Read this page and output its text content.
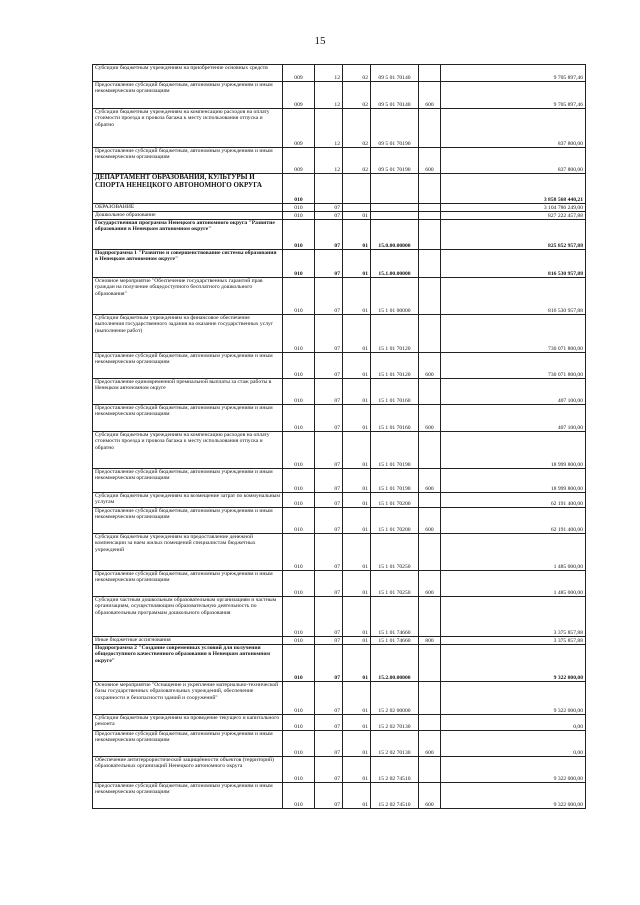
15
Субсидии бюджетным учреждениям на приобретение основных средств	009	12	02	09 5 01 70140		9 705 897,46
Предоставление субсидий бюджетным, автономным учреждениям и иным некоммерческим организациям	009	12	02	09 5 01 70140	600	9 705 897,46
Субсидии бюджетным учреждениям на компенсацию расходов на оплату стоимости проезда и провоза багажа к месту использования отпуска и обратно	009	12	02	09 5 01 70190		837 800,00
Предоставление субсидий бюджетным, автономным учреждениям и иным некоммерческим организациям	009	12	02	09 5 01 70190	600	837 800,00
ДЕПАРТАМЕНТ ОБРАЗОВАНИЯ, КУЛЬТУРЫ И СПОРТА НЕНЕЦКОГО АВТОНОМНОГО ОКРУГА	010					3 858 568 440,21
ОБРАЗОВАНИЕ	010	07				3 104 786 249,00
Дошкольное образование	010	07	01			827 222 457,88
Государственная программа Ненецкого автономного округа "Развитие образования в Ненецком автономном округе"	010	07	01	15.0.00.00000		825 852 957,88
Подпрограмма 1 "Развитие и совершенствование системы образования в Ненецком автономном округе"	010	07	01	15.1.00.00000		816 530 957,88
Основное мероприятие "Обеспечение государственных гарантий прав граждан на получение общедоступного бесплатного дошкольного образования"	010	07	01	15 1 01 00000		816 530 957,88
Субсидии бюджетным учреждениям на финансовое обеспечение выполнения государственного задания на оказание государственных услуг (выполнение работ)	010	07	01	15 1 01 70120		730 071 800,00
Предоставление субсидий бюджетным, автономным учреждениям и иным некоммерческим организациям	010	07	01	15 1 01 70120	600	730 071 800,00
Предоставление единовременной премиальной выплаты за стаж работы в Ненецком автономном округе	010	07	01	15 1 01 70160		407 100,00
Предоставление субсидий бюджетным, автономным учреждениям и иным некоммерческим организациям	010	07	01	15 1 01 70160	600	407 100,00
Субсидии бюджетным учреждениям на компенсацию расходов на оплату стоимости проезда и провоза багажа к месту использования отпуска и обратно	010	07	01	15 1 01 70190		18 999 800,00
Предоставление субсидий бюджетным, автономным учреждениям и иным некоммерческим организациям	010	07	01	15 1 01 70190	600	18 999 800,00
Субсидии бюджетным учреждениям на возмещение затрат по коммунальным услугам	010	07	01	15 1 01 70200		62 191 400,00
Предоставление субсидий бюджетным, автономным учреждениям и иным некоммерческим организациям	010	07	01	15 1 01 70200	600	62 191 400,00
Субсидии бюджетным учреждениям на предоставление денежной компенсации за наем жилых помещений специалистам бюджетных учреждений	010	07	01	15 1 01 70250		1 485 000,00
Предоставление субсидий бюджетным, автономным учреждениям и иным некоммерческим организациям	010	07	01	15 1 01 70250	600	1 485 000,00
Субсидии частным дошкольным образовательным организациям и частным организациям, осуществляющим образовательную деятельность по образовательным программам дошкольного образования	010	07	01	15 1 01 74660		3 375 857,88
Иные бюджетные ассигнования	010	07	01	15 1 01 74660	800	3 375 857,88
Подпрограмма 2 "Создание современных условий для получения общедоступного качественного образования в Ненецком автономном округе"	010	07	01	15.2.00.00000		9 322 000,00
Основное мероприятие "Оснащение и укрепление материально-технической базы государственных образовательных учреждений, обеспечение сохранности и безопасности зданий и сооружений"	010	07	01	15 2 02 00000		9 322 000,00
Субсидии бюджетным учреждениям на проведение текущего и капитального ремонта	010	07	01	15 2 02 70130		0,00
Предоставление субсидий бюджетным, автономным учреждениям и иным некоммерческим организациям	010	07	01	15 2 02 70130	600	0,00
Обеспечение антитеррористической защищённости объектов (территорий) образовательных организаций Ненецкого автономного округа	010	07	01	15 2 02 74510		9 322 000,00
Предоставление субсидий бюджетным, автономным учреждениям и иным некоммерческим организациям	010	07	01	15 2 02 74510	600	9 322 000,00
